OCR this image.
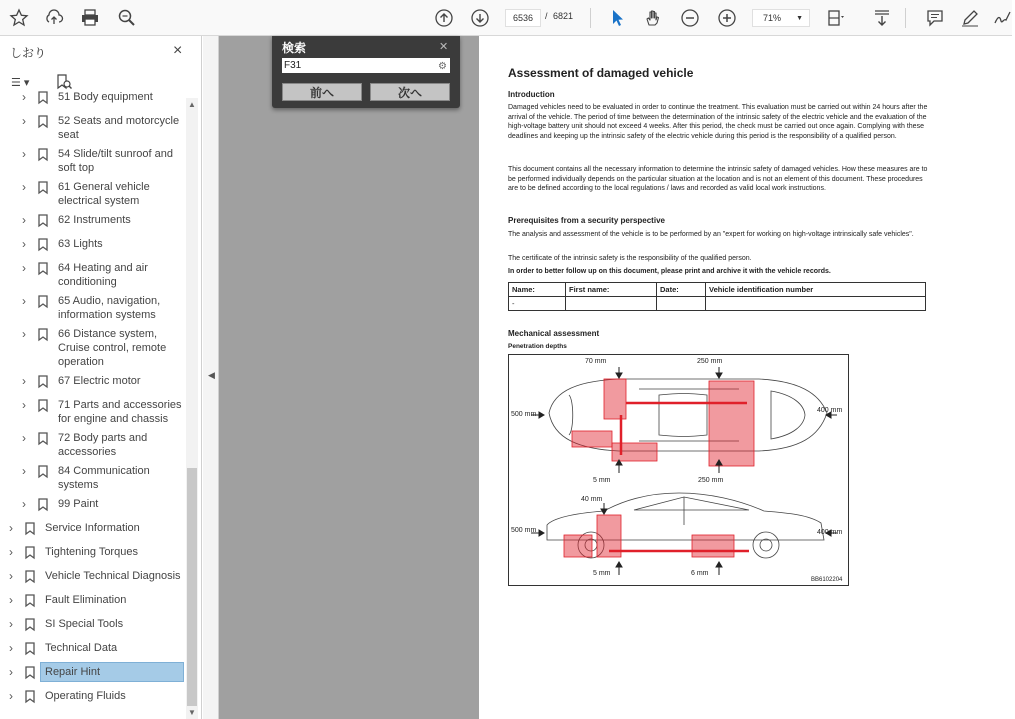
6536	/ 6821	71% ▼
しおり	×
☰ ▾
›	51 Body equipment
›	52 Seats and motorcycle
seat
›	54 Slide/tilt sunroof and
soft top
›	61 General vehicle
electrical system
›	62 Instruments
›	63 Lights
›	64 Heating and air
conditioning
›	65 Audio, navigation,
information systems
›	66 Distance system,
Cruise control, remote
operation
›	67 Electric motor
›	71 Parts and accessories
for engine and chassis
›	72 Body parts and
accessories
›	84 Communication
systems
›	99 Paint
›	Service Information
›	Tightening Torques
›	Vehicle Technical Diagnosis
›	Fault Elimination
›	SI Special Tools
›	Technical Data
›	Repair Hint
›	Operating Fluids
▲
▼
◀
Assessment of damaged vehicle
Introduction
Damaged vehicles need to be evaluated in order to continue the treatment. This evaluation must be carried out within 24 hours after the arrival of the vehicle. The period of time between the determination of the intrinsic safety of the electric vehicle and the evaluation of the high-voltage battery unit should not exceed 4 weeks. After this period, the check must be carried out once again. Complying with these deadlines and keeping up the intrinsic safety of the electric vehicle during this period is the responsibility of a qualified person.
This document contains all the necessary information to determine the intrinsic safety of damaged vehicles. How these measures are to be performed individually depends on the particular situation at the location and is not an element of this document. These procedures are to be defined according to the local regulations / laws and recorded as valid local work instructions.
Prerequisites from a security perspective
The analysis and assessment of the vehicle is to be performed by an "expert for working on high-voltage intrinsically safe vehicles".
The certificate of the intrinsic safety is the responsibility of the qualified person.
In order to better follow up on this document, please print and archive it with the vehicle records.
Name:	First name:	Date:	Vehicle identification number
-			
Mechanical assessment
Penetration depths
70 mm	250 mm
500 mm
400 mm
5 mm	250 mm
40 mm
500 mm	400 mm
5 mm	6 mm
BB6102204
検索	✕
F31	⚙
前へ	次へ
